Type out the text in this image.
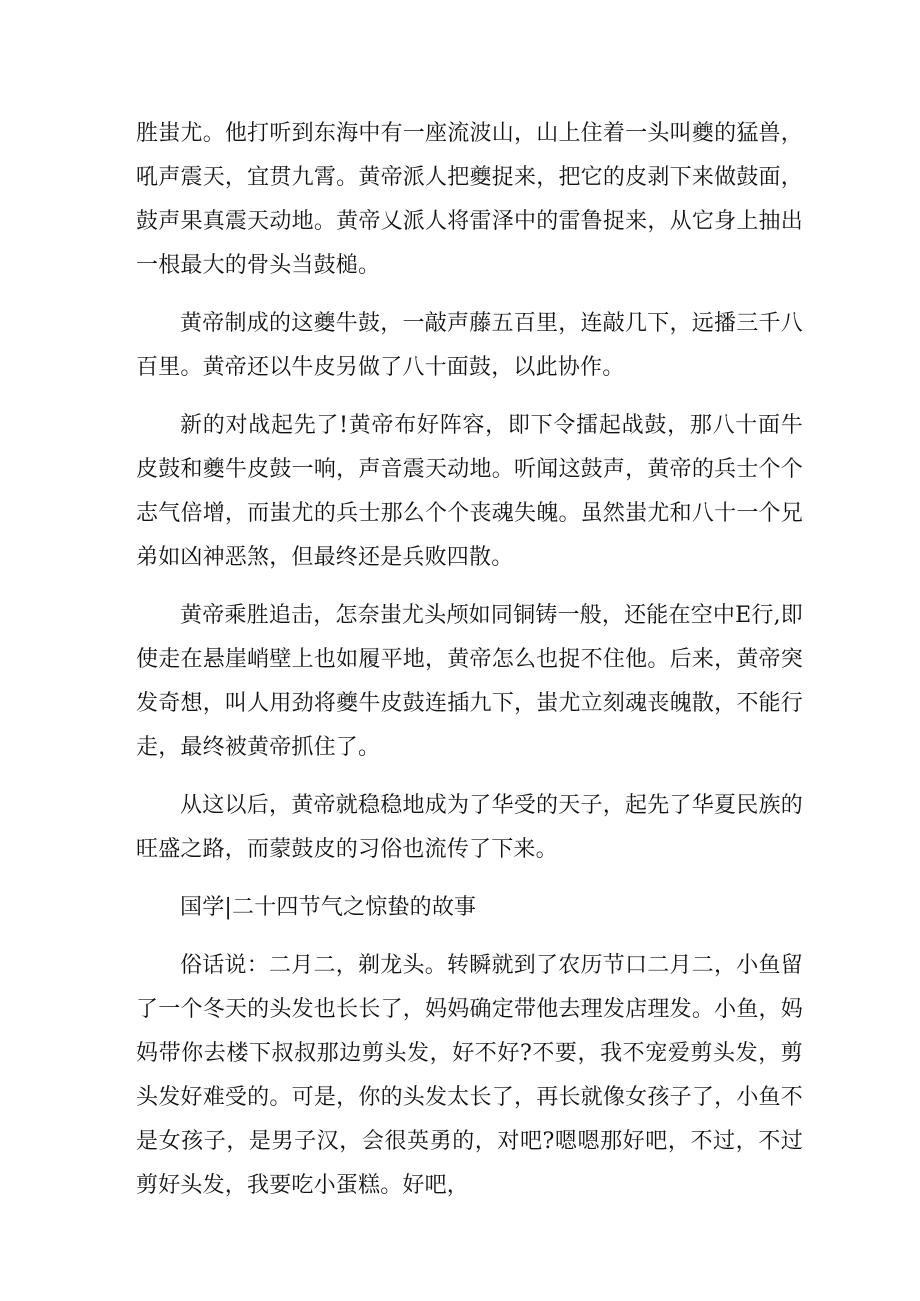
胜蚩尤。他打听到东海中有一座流波山，山上住着一头叫夔的猛兽，吼声震天，宜贯九霄。黄帝派人把夔捉来，把它的皮剥下来做鼓面，鼓声果真震天动地。黄帝乂派人将雷泽中的雷鲁捉来，从它身上抽出一根最大的骨头当鼓槌。

黄帝制成的这夔牛鼓，一敲声藤五百里，连敲几下，远播三千八百里。黄帝还以牛皮另做了八十面鼓，以此协作。

新的对战起先了!黄帝布好阵容，即下令擂起战鼓，那八十面牛皮鼓和夔牛皮鼓一响，声音震天动地。听闻这鼓声，黄帝的兵士个个志气倍增，而蚩尤的兵士那么个个丧魂失魄。虽然蚩尤和八十一个兄弟如凶神恶煞，但最终还是兵败四散。

黄帝乘胜追击，怎奈蚩尤头颅如同铜铸一般，还能在空中E行,即使走在悬崖峭壁上也如履平地，黄帝怎么也捉不住他。后来，黄帝突发奇想，叫人用劲将夔牛皮鼓连插九下，蚩尤立刻魂丧魄散，不能行走，最终被黄帝抓住了。

从这以后，黄帝就稳稳地成为了华受的天子，起先了华夏民族的旺盛之路，而蒙鼓皮的习俗也流传了下来。

国学|二十四节气之惊蛰的故事

俗话说：二月二，剃龙头。转瞬就到了农历节口二月二，小鱼留了一个冬天的头发也长长了，妈妈确定带他去理发店理发。小鱼，妈妈带你去楼下叔叔那边剪头发，好不好?不要，我不宠爱剪头发，剪头发好难受的。可是，你的头发太长了，再长就像女孩子了，小鱼不是女孩子，是男子汉，会很英勇的，对吧?嗯嗯那好吧，不过，不过剪好头发，我要吃小蛋糕。好吧，
